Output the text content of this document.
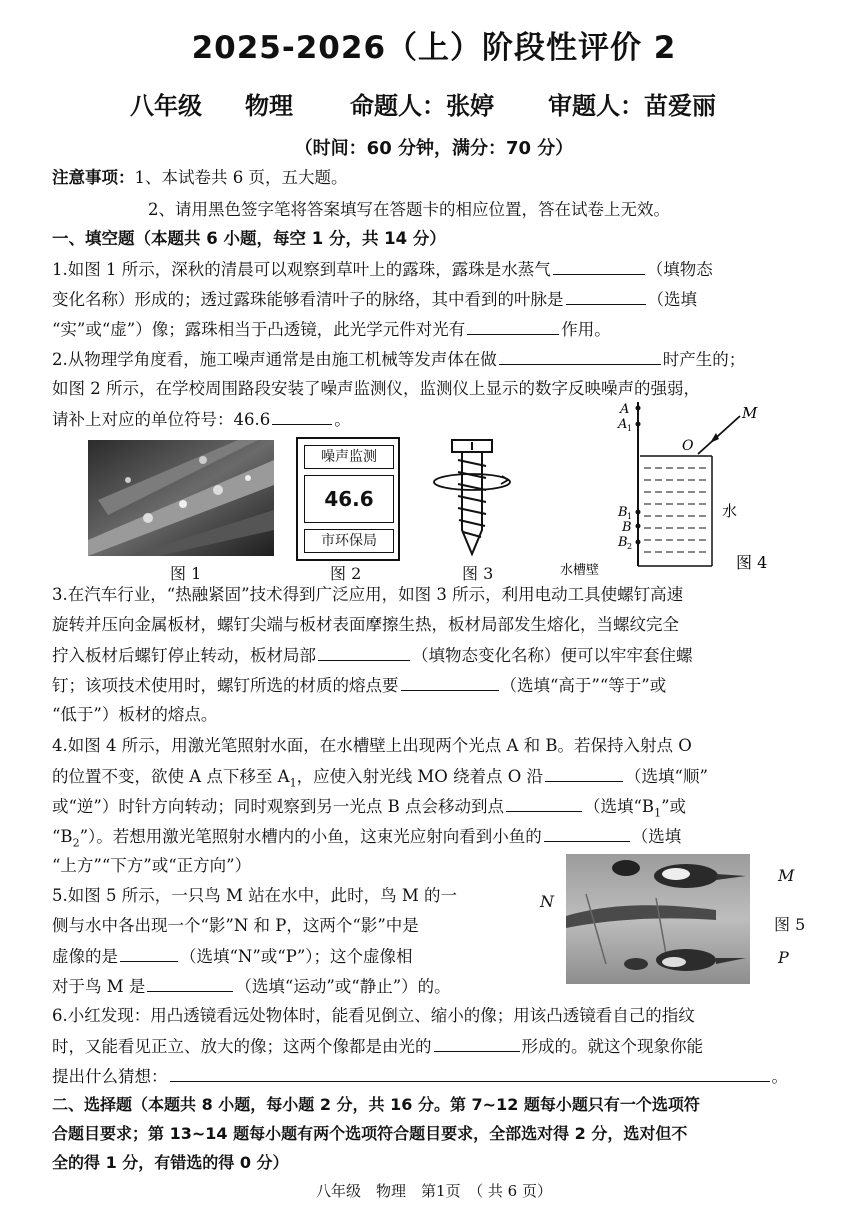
2025-2026（上）阶段性评价 2
八年级 物理 命题人：张婷 审题人：苗爱丽
（时间：60 分钟，满分：70 分）
注意事项：1、本试卷共 6 页，五大题。
2、请用黑色签字笔将答案填写在答题卡的相应位置，答在试卷上无效。
一、填空题（本题共 6 小题，每空 1 分，共 14 分）
1.如图 1 所示，深秋的清晨可以观察到草叶上的露珠，露珠是水蒸气	（填物态
变化名称）形成的；透过露珠能够看清叶子的脉络，其中看到的叶脉是	（选填
“实”或“虚”）像；露珠相当于凸透镜，此光学元件对光有	作用。
2.从物理学角度看，施工噪声通常是由施工机械等发声体在做	时产生的；
如图 2 所示，在学校周围路段安装了噪声监测仪，监测仪上显示的数字反映噪声的强弱，
请补上对应的单位符号：46.6	。
图 1
噪声监测
46.6
市环保局
图 2	图 3
A
A 1
B 1
B
B 2
O
M
水
水槽壁	图 4
3.在汽车行业，“热融紧固”技术得到广泛应用，如图 3 所示，利用电动工具使螺钉高速
旋转并压向金属板材，螺钉尖端与板材表面摩擦生热，板材局部发生熔化，当螺纹完全
拧入板材后螺钉停止转动，板材局部	（填物态变化名称）便可以牢牢套住螺
钉；该项技术使用时，螺钉所选的材质的熔点要	（选填“高于”“等于”或
“低于”）板材的熔点。
4.如图 4 所示，用激光笔照射水面，在水槽壁上出现两个光点 A 和 B。若保持入射点 O
的位置不变，欲使 A 点下移至 $A_1$，应使入射光线 MO 绕着点 O 沿	（选填“顺”
或“逆”）时针方向转动；同时观察到另一光点 B 点会移动到点	（选填“$B_1$”或
“$B_2$”）。若想用激光笔照射水槽内的小鱼，这束光应射向看到小鱼的	（选填
“上方”“下方”或“正方向”）
M
N
P
图 5
5.如图 5 所示，一只鸟 M 站在水中，此时，鸟 M 的一
侧与水中各出现一个“影”N 和 P，这两个“影”中是
虚像的是	（选填“N”或“P”）；这个虚像相
对于鸟 M 是	（选填“运动”或“静止”）的。
6.小红发现：用凸透镜看远处物体时，能看见倒立、缩小的像；用该凸透镜看自己的指纹
时，又能看见正立、放大的像；这两个像都是由光的	形成的。就这个现象你能
提出什么猜想：	。
二、选择题（本题共 8 小题，每小题 2 分，共 16 分。第 7~12 题每小题只有一个选项符
合题目要求；第 13~14 题每小题有两个选项符合题目要求，全部选对得 2 分，选对但不
全的得 1 分，有错选的得 0 分）
八年级　物理　第1页　（ 共 6 页）
